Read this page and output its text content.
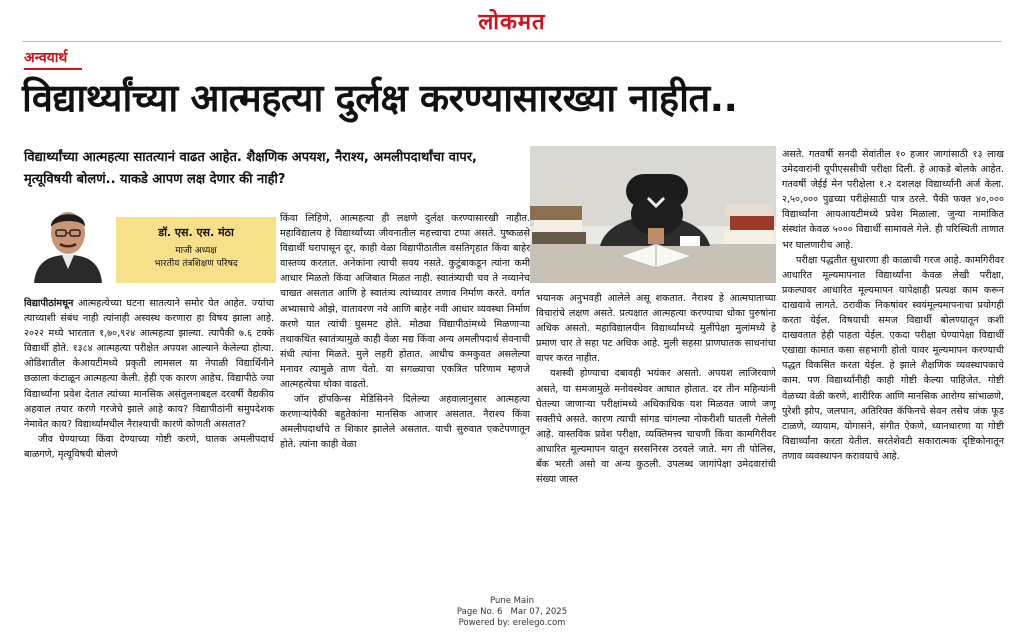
लोकमत
अन्वयार्थ
विद्यार्थ्यांच्या आत्महत्या दुर्लक्ष करण्यासारख्या नाहीत..
विद्यार्थ्यांच्या आत्महत्या सातत्यानं वाढत आहेत. शैक्षणिक अपयश, नैराश्य, अमलीपदार्थांचा वापर, मृत्यूविषयी बोलणं.. याकडे आपण लक्ष देणार की नाही?
डॉ. एस. एस. मंठा
माजी अध्यक्ष
भारतीय तंत्रशिक्षण परिषद

विद्यापीठांमधून आत्महत्येच्या घटना सातत्याने समोर येत आहेत. ज्यांचा त्याच्याशी संबंध नाही त्यांनाही अस्वस्थ करणारा हा विषय झाला आहे. २०२२ मध्ये भारतात १,७०,९२४ आत्महत्या झाल्या. त्यापैकी ७.६ टक्के विद्यार्थी होते. १३८४ आत्महत्या परीक्षेत अपयश आल्याने केलेल्या होत्या. ओडिशातील केआयटीमध्ये प्रकृती लामसल या नेपाळी विद्यार्थिनीने छळाला कंटाळून आत्महत्या केली. हेही एक कारण आहेच. विद्यापीठे ज्या विद्यार्थ्यांना प्रवेश देतात त्यांच्या मानसिक असंतुलनाबद्दल दरवर्षी वैद्यकीय अहवाल तयार करणे गरजेचे झाले आहे काय? विद्यापीठांनी समुपदेशक नेमावेत काय? विद्यार्थ्यांमधील नैराश्याची कारणे कोणती असतात?

जीव घेण्याच्या किंवा देण्याच्या गोष्टी करणे, घातक अमलीपदार्थ बाळगणे, मृत्यूविषयी बोलणे

किंवा लिहिणे, आत्महत्या ही लक्षणे दुर्लक्ष करण्यासारखी नाहीत. महाविद्यालय हे विद्यार्थ्यांच्या जीवनातील महत्त्वाचा टप्पा असते. पुष्कळसे विद्यार्थी घरापासून दूर, काही वेळा विद्यापीठातील वसतिगृहात किंवा बाहेर वास्तव्य करतात. अनेकांना त्याची सवय नसते. कुटुंबाकडून त्यांना कमी आधार मिळतो किंवा अजिबात मिळत नाही. स्वातंत्र्याची चव ते नव्यानेच चाखत असतात आणि हे स्वातंत्र्य त्यांच्यावर तणाव निर्माण करते. वर्गात अभ्यासाचे ओझे, वातावरण नवे आणि बाहेर नवी आधार व्यवस्था निर्माण करणे यात त्यांची घुसमट होते. मोठ्या विद्यापीठांमध्ये मिळणाऱ्या तथाकथित स्वातंत्र्यामुळे काही वेळा मद्य किंवा अन्य अमलीपदार्थ सेवनाची संधी त्यांना मिळते. मुले लहरी होतात. आधीच कमकुवत असलेल्या मनावर त्यामुळे ताण येतो. या सगळ्याचा एकत्रित परिणाम म्हणजे आत्महत्येचा धोका वाढतो.

जॉन हॉपकिन्स मेडिसिनने दिलेल्या अहवालानुसार आत्महत्या करणाऱ्यांपैकी बहुतेकांना मानसिक आजार असतात. नैराश्य किंवा अमलीपदार्थांचे त शिकार झालेले असतात. याची सुरुवात एकटेपणातून होते. त्यांना काही वेळा

भयानक अनुभवही आलेले असू शकतात. नैराश्य हे आत्मघाताच्या विचारांचे लक्षण असते. प्रत्यक्षात आत्महत्या करण्याचा धोका पुरुषांना अधिक असतो. महाविद्यालयीन विद्यार्थ्यांमध्ये मुलींपेक्षा मुलांमध्ये हे प्रमाण चार ते सहा पट अधिक आहे. मुली सहसा प्राणघातक साधनांचा वापर करत नाहीत.

यशस्वी होण्याचा दबावही भयंकर असतो. अपयश लाजिरवाणे असते, या समजामुळे मनोवस्थेवर आघात होतात. दर तीन महिन्यांनी घेतल्या जाणाऱ्या परीक्षांमध्ये अधिकाधिक यश मिळवत जाणे जणू सक्तीचे असते. कारण त्याची सांगड चांगल्या नोकरीशी घातली गेलेली आहे. वास्तविक प्रवेश परीक्षा, व्यक्तिमत्त्व चाचणी किंवा कामगिरीवर आधारित मूल्यमापन यातून सरसनिरस ठरवले जाते. मग ती पोलिस, बँक भरती असो वा अन्य कुठली. उपलब्ध जागांपेक्षा उमेदवारांची संख्या जास्त

असते. गतवर्षी सनदी सेवांतील १० हजार जागांसाठी १३ लाख उमेदवारांनी यूपीएससीची परीक्षा दिली. हे आकडे बोलके आहेत. गतवर्षी जेईई मेन परीक्षेला १.२ दशलक्ष विद्यार्थ्यांनी अर्ज केला. २,५०,००० पुढच्या परीक्षेसाठी पात्र ठरले. पैकी फक्त ४०,००० विद्यार्थ्यांना आयआयटीमध्ये प्रवेश मिळाला. जुन्या नामांकित संस्थांत केवळ ५००० विद्यार्थी सामावले गेले. ही परिस्थिती ताणात भर घालणारीच आहे.

परीक्षा पद्धतीत सुधारणा ही काळाची गरज आहे. कामगिरीवर आधारित मूल्यमापनात विद्यार्थ्यांना केवळ लेखी परीक्षा, प्रकल्पावर आधारित मूल्यमापन यापेक्षाही प्रत्यक्ष काम करून दाखवावे लागते. ठरावीक निकषांवर स्वयंमूल्यमापनाचा प्रयोगही करता येईल. विषयाची समज विद्यार्थी बोलण्यातून कशी दाखवतात हेही पाहता येईल. एकदा परीक्षा घेण्यापेक्षा विद्यार्थी एखाद्या कामात कसा सहभागी होतो यावर मूल्यमापन करण्याची पद्धत विकसित करता येईल. हे झाले शैक्षणिक व्यवस्थापकाचे काम. पण विद्यार्थ्यांनीही काही गोष्टी केल्या पाहिजेत. गोष्टी वेळच्या वेळी करणे, शारीरिक आणि मानसिक आरोग्य सांभाळणे, पुरेशी झोप, जलपान, अतिरिक्त कॅफिनचे सेवन तसेच जंक फूड टाळणे, व्यायाम, योगासने, संगीत ऐकणे, ध्यानधारणा या गोष्टी विद्यार्थ्यांना करता येतील. सरतेशेवटी सकारात्मक दृष्टिकोनातून तणाव व्यवस्थापन करावयाचे आहे.

Pune Main
Page No. 6 Mar 07, 2025
Powered by: erelego.com
